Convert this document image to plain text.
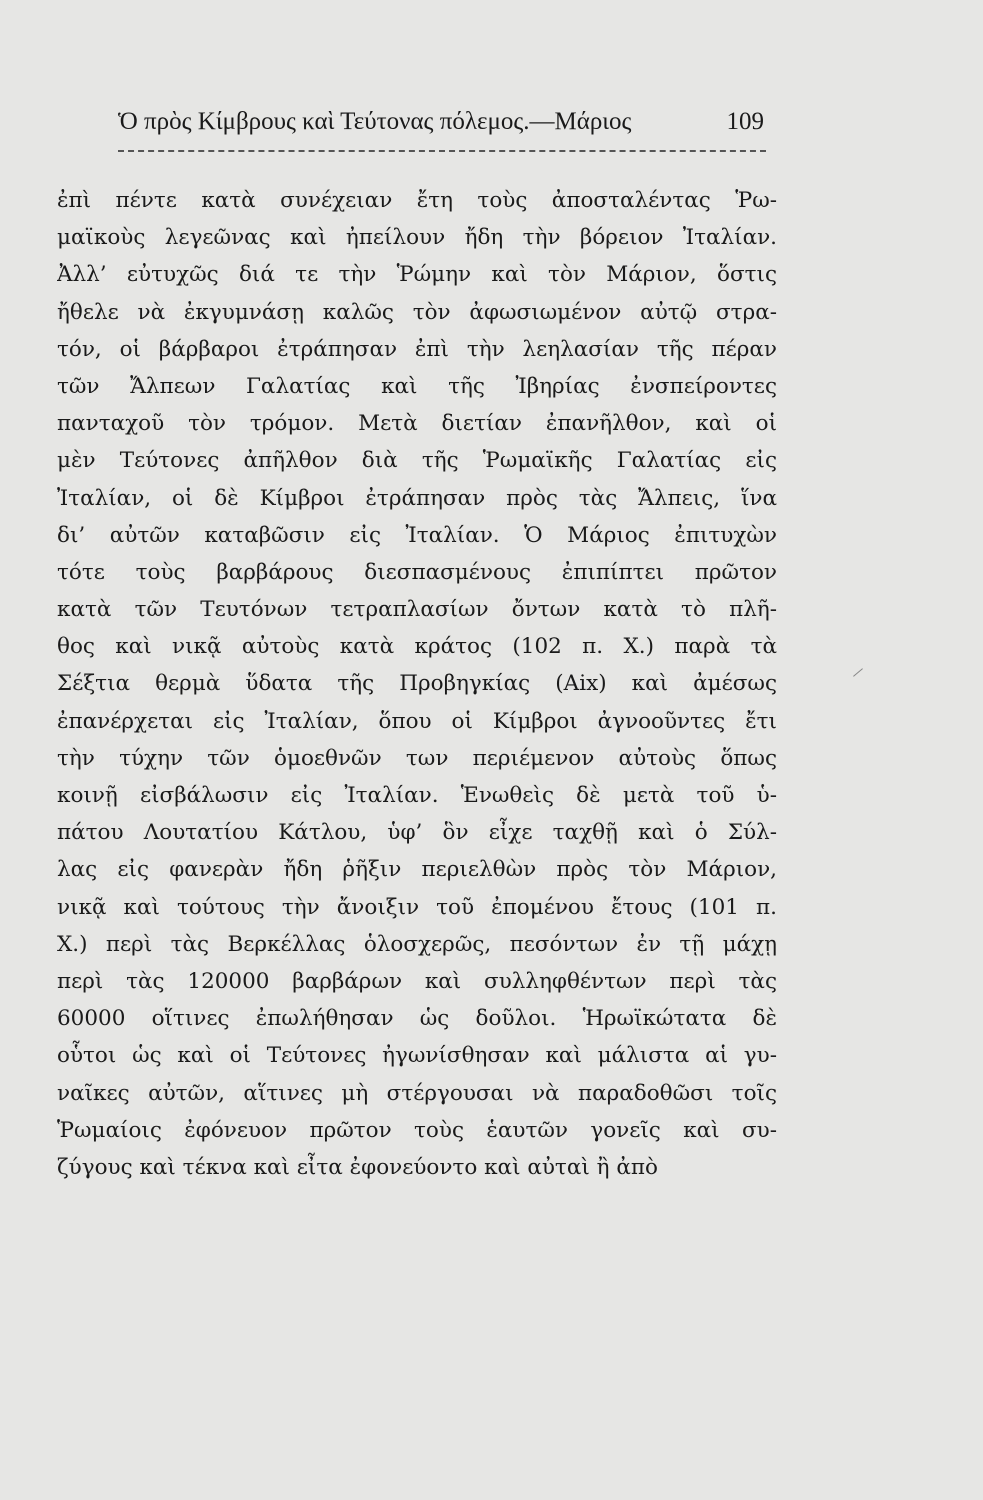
Ὁ πρὸς Κίμβρους καὶ Τεύτονας πόλεμος.—Μάριος	109
ἐπὶ πέντε κατὰ συνέχειαν ἔτη τοὺς ἀποσταλέντας Ῥω-
μαϊκοὺς λεγεῶνας καὶ ἠπείλουν ἤδη τὴν βόρειον Ἰταλίαν.
Ἀλλ’ εὐτυχῶς διά τε τὴν Ῥώμην καὶ τὸν Μάριον, ὅστις
ἤθελε νὰ ἐκγυμνάσῃ καλῶς τὸν ἀφωσιωμένον αὐτῷ στρα-
τόν, οἱ βάρβαροι ἐτράπησαν ἐπὶ τὴν λεηλασίαν τῆς πέραν
τῶν Ἄλπεων Γαλατίας καὶ τῆς Ἰβηρίας ἐνσπείροντες
πανταχοῦ τὸν τρόμον. Μετὰ διετίαν ἐπανῆλθον, καὶ οἱ
μὲν Τεύτονες ἀπῆλθον διὰ τῆς Ῥωμαϊκῆς Γαλατίας εἰς
Ἰταλίαν, οἱ δὲ Κίμβροι ἐτράπησαν πρὸς τὰς Ἄλπεις, ἵνα
δι’ αὐτῶν καταβῶσιν εἰς Ἰταλίαν. Ὁ Μάριος ἐπιτυχὼν
τότε τοὺς βαρβάρους διεσπασμένους ἐπιπίπτει πρῶτον
κατὰ τῶν Τευτόνων τετραπλασίων ὄντων κατὰ τὸ πλῆ-
θος καὶ νικᾷ αὐτοὺς κατὰ κράτος (102 π. Χ.) παρὰ τὰ
Σέξτια θερμὰ ὕδατα τῆς Προβηγκίας (Aix) καὶ ἀμέσως
ἐπανέρχεται εἰς Ἰταλίαν, ὅπου οἱ Κίμβροι ἀγνοοῦντες ἔτι
τὴν τύχην τῶν ὁμοεθνῶν των περιέμενον αὐτοὺς ὅπως
κοινῇ εἰσβάλωσιν εἰς Ἰταλίαν. Ἑνωθεὶς δὲ μετὰ τοῦ ὑ-
πάτου Λουτατίου Κάτλου, ὑφ’ ὃν εἶχε ταχθῇ καὶ ὁ Σύλ-
λας εἰς φανερὰν ἤδη ῥῆξιν περιελθὼν πρὸς τὸν Μάριον,
νικᾷ καὶ τούτους τὴν ἄνοιξιν τοῦ ἐπομένου ἔτους (101 π.
Χ.) περὶ τὰς Βερκέλλας ὁλοσχερῶς, πεσόντων ἐν τῇ μάχῃ
περὶ τὰς 120000 βαρβάρων καὶ συλληφθέντων περὶ τὰς
60000 οἵτινες ἐπωλήθησαν ὡς δοῦλοι. Ἡρωϊκώτατα δὲ
οὗτοι ὡς καὶ οἱ Τεύτονες ἠγωνίσθησαν καὶ μάλιστα αἱ γυ-
ναῖκες αὐτῶν, αἵτινες μὴ στέργουσαι νὰ παραδοθῶσι τοῖς
Ῥωμαίοις ἐφόνευον πρῶτον τοὺς ἑαυτῶν γονεῖς καὶ συ-
ζύγους καὶ τέκνα καὶ εἶτα ἐφονεύοντο καὶ αὐταὶ ἢ ἀπὸ
